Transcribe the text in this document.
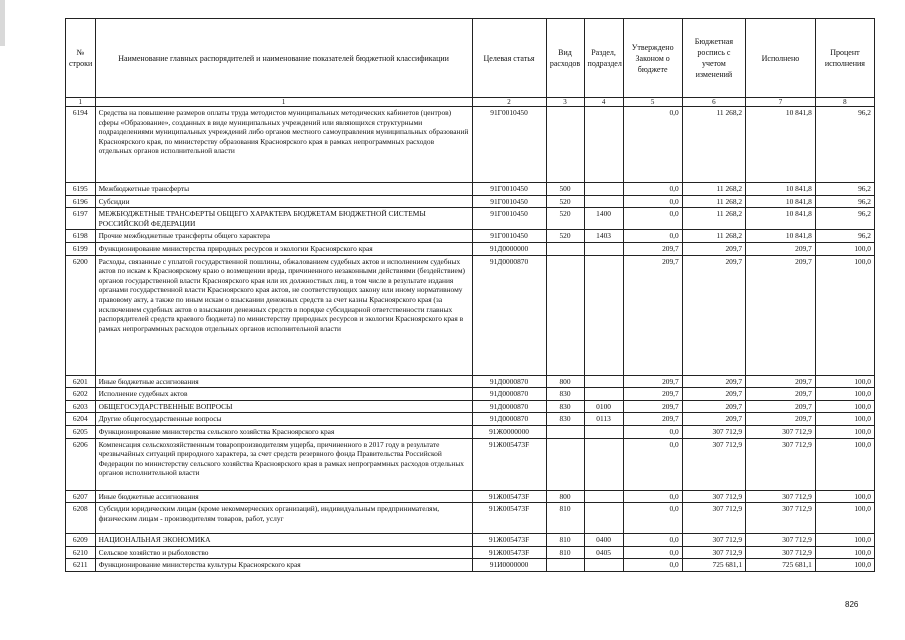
№ строки	Наименование главных распорядителей и наименование показателей бюджетной классификации	Целевая статья	Вид расходов	Раздел, подраздел	Утверждено Законом о бюджете	Бюджетная роспись с учетом изменений	Исполнено	Процент исполнения
1	1	2	3	4	5	6	7	8
6194	Средства на повышение размеров оплаты труда методистов муниципальных методических кабинетов (центров) сферы «Образование», созданных в виде муниципальных учреждений или являющихся структурными подразделениями муниципальных учреждений либо органов местного самоуправления муниципальных образований Красноярского края, по министерству образования Красноярского края в рамках непрограммных расходов отдельных органов исполнительной власти	91Г0010450			0,0	11 268,2	10 841,8	96,2
6195	Межбюджетные трансферты	91Г0010450	500		0,0	11 268,2	10 841,8	96,2
6196	Субсидии	91Г0010450	520		0,0	11 268,2	10 841,8	96,2
6197	МЕЖБЮДЖЕТНЫЕ ТРАНСФЕРТЫ ОБЩЕГО ХАРАКТЕРА БЮДЖЕТАМ БЮДЖЕТНОЙ СИСТЕМЫ РОССИЙСКОЙ ФЕДЕРАЦИИ	91Г0010450	520	1400	0,0	11 268,2	10 841,8	96,2
6198	Прочие межбюджетные трансферты общего характера	91Г0010450	520	1403	0,0	11 268,2	10 841,8	96,2
6199	Функционирование министерства природных ресурсов и экологии Красноярского края	91Д0000000			209,7	209,7	209,7	100,0
6200	Расходы, связанные с уплатой государственной пошлины, обжалованием судебных актов и исполнением судебных актов по искам к Красноярскому краю о возмещении вреда, причиненного незаконными действиями (бездействием) органов государственной власти Красноярского края или их должностных лиц, в том числе в результате издания органами государственной власти Красноярского края актов, не соответствующих закону или иному нормативному правовому акту, а также по иным искам о взыскании денежных средств за счет казны Красноярского края (за исключением судебных актов о взыскании денежных средств в порядке субсидиарной ответственности главных распорядителей средств краевого бюджета) по министерству природных ресурсов и экологии Красноярского края в рамках непрограммных расходов отдельных органов исполнительной власти	91Д0000870			209,7	209,7	209,7	100,0
6201	Иные бюджетные ассигнования	91Д0000870	800		209,7	209,7	209,7	100,0
6202	Исполнение судебных актов	91Д0000870	830		209,7	209,7	209,7	100,0
6203	ОБЩЕГОСУДАРСТВЕННЫЕ ВОПРОСЫ	91Д0000870	830	0100	209,7	209,7	209,7	100,0
6204	Другие общегосударственные вопросы	91Д0000870	830	0113	209,7	209,7	209,7	100,0
6205	Функционирование министерства сельского хозяйства Красноярского края	91Ж0000000			0,0	307 712,9	307 712,9	100,0
6206	Компенсация сельскохозяйственным товаропроизводителям ущерба, причиненного в 2017 году в результате чрезвычайных ситуаций природного характера, за счет средств резервного фонда Правительства Российской Федерации по министерству сельского хозяйства Красноярского края в рамках непрограммных расходов отдельных органов исполнительной власти	91Ж005473F			0,0	307 712,9	307 712,9	100,0
6207	Иные бюджетные ассигнования	91Ж005473F	800		0,0	307 712,9	307 712,9	100,0
6208	Субсидии юридическим лицам (кроме некоммерческих организаций), индивидуальным предпринимателям, физическим лицам - производителям товаров, работ, услуг	91Ж005473F	810		0,0	307 712,9	307 712,9	100,0
6209	НАЦИОНАЛЬНАЯ ЭКОНОМИКА	91Ж005473F	810	0400	0,0	307 712,9	307 712,9	100,0
6210	Сельское хозяйство и рыболовство	91Ж005473F	810	0405	0,0	307 712,9	307 712,9	100,0
6211	Функционирование министерства культуры Красноярского края	91И0000000			0,0	725 681,1	725 681,1	100,0
826
